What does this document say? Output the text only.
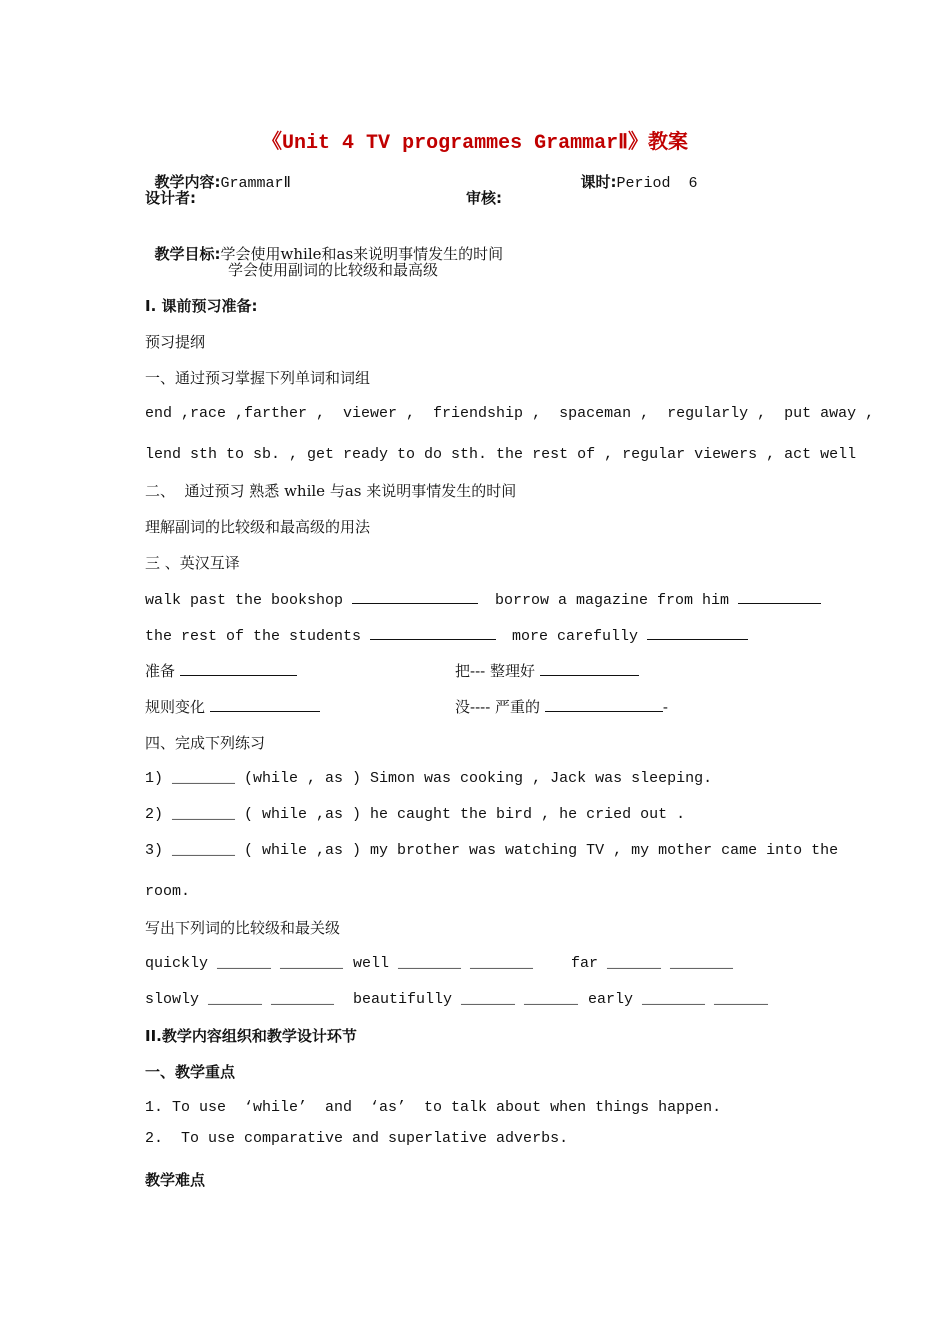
《Unit 4 TV programmes GrammarⅡ》教案

教学内容:GrammarⅡ	课时:Period  6

设计者:	审核:

教学目标:学会使用while和as来说明事情发生的时间

学会使用副词的比较级和最高级
I. 课前预习准备:
预习提纲
一、通过预习掌握下列单词和词组
end ,race ,farther ,  viewer ,  friendship ,  spaceman ,  regularly ,  put away ,
lend sth to sb. , get ready to do sth. the rest of , regular viewers , act well
二、  通过预习 熟悉 while 与as 来说明事情发生的时间
理解副词的比较级和最高级的用法
三 、英汉互译
walk past the bookshop	borrow a magazine from him
the rest of the students	more carefully
准备	把--- 整理好
规则变化	没---- 严重的	-
四、完成下列练习
1) _______ (while , as ) Simon was cooking , Jack was sleeping.
2) _______ ( while ,as ) he caught the bird , he cried out .
3) _______ ( while ,as ) my brother was watching TV , my mother came into the
room.
写出下列词的比较级和最关级
quickly ______ _______ well _______ _______	far ______ _______
slowly ______ _______ beautifully ______ ______ early _______ ______
II.教学内容组织和教学设计环节
一、教学重点
1. To use  ‘while’  and  ‘as’  to talk about when things happen.
2.  To use comparative and superlative adverbs.
教学难点
